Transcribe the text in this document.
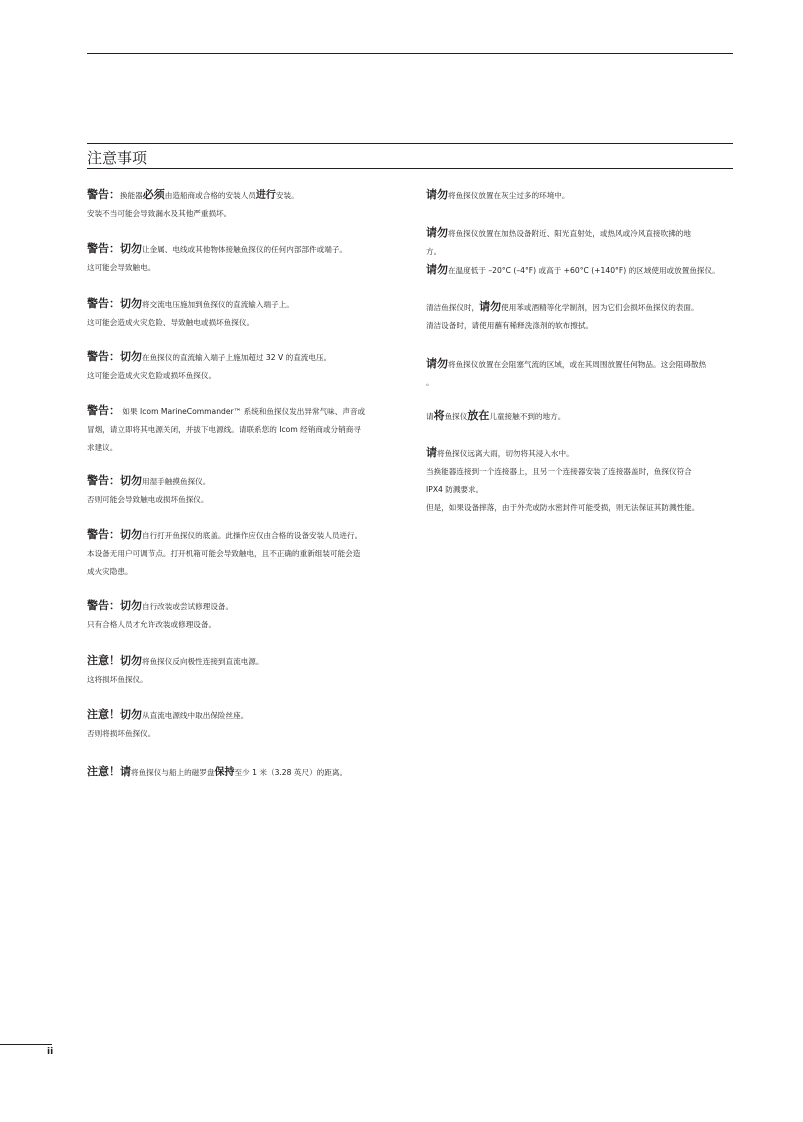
注意事项
警告：换能器必须由造船商或合格的安装人员进行安装。
安装不当可能会导致漏水及其他严重损坏。
警告：切勿让金属、电线或其他物体接触鱼探仪的任何内部部件或端子。
这可能会导致触电。
警告：切勿将交流电压施加到鱼探仪的直流输入端子上。
这可能会造成火灾危险、导致触电或损坏鱼探仪。
警告：切勿在鱼探仪的直流输入端子上施加超过 32 V 的直流电压。
这可能会造成火灾危险或损坏鱼探仪。
警告： 如果 Icom MarineCommander™ 系统和鱼探仪发出异常气味、声音或
冒烟，请立即将其电源关闭，并拔下电源线。请联系您的 Icom 经销商或分销商寻
求建议。
警告：切勿用湿手触摸鱼探仪。
否则可能会导致触电或损坏鱼探仪。
警告：切勿自行打开鱼探仪的底盖。此操作应仅由合格的设备安装人员进行。
本设备无用户可调节点。打开机箱可能会导致触电，且不正确的重新组装可能会造
成火灾隐患。
警告：切勿自行改装或尝试修理设备。
只有合格人员才允许改装或修理设备。
注意！切勿将鱼探仪反向极性连接到直流电源。
这将损坏鱼探仪。
注意！切勿从直流电源线中取出保险丝座。
否则将损坏鱼探仪。
注意！请将鱼探仪与船上的磁罗盘保持至少 1 米（3.28 英尺）的距离。
请勿将鱼探仪放置在灰尘过多的环境中。
请勿将鱼探仪放置在加热设备附近、阳光直射处，或热风或冷风直接吹拂的地
方。
请勿在温度低于 –20°C (–4°F) 或高于 +60°C (+140°F) 的区域使用或放置鱼探仪。
清洁鱼探仪时，请勿使用苯或酒精等化学制剂，因为它们会损坏鱼探仪的表面。
清洁设备时，请使用蘸有稀释洗涤剂的软布擦拭。
请勿将鱼探仪放置在会阻塞气流的区域，或在其周围放置任何物品。这会阻碍散热
。
请将鱼探仪放在儿童接触不到的地方。
请将鱼探仪远离大雨，切勿将其浸入水中。
当换能器连接到一个连接器上，且另一个连接器安装了连接器盖时，鱼探仪符合
IPX4 防溅要求。
但是，如果设备摔落，由于外壳或防水密封件可能受损，则无法保证其防溅性能。
ii
